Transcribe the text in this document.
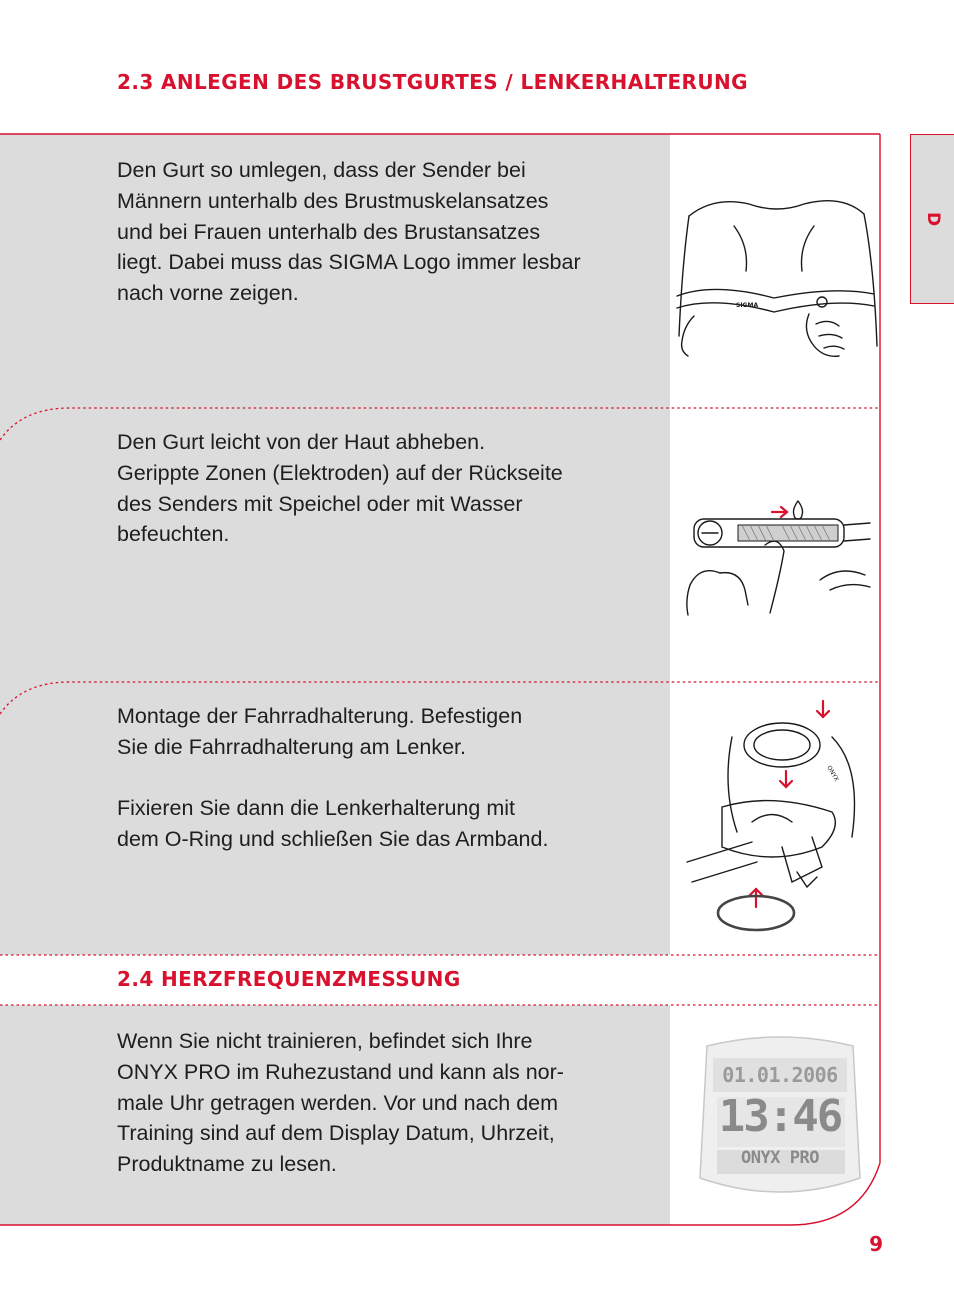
2.3 ANLEGEN DES BRUSTGURTES / LENKERHALTERUNG

Den Gurt so umlegen, dass der Sender bei
Männern unterhalb des Brustmuskelansatzes
und bei Frauen unterhalb des Brustansatzes
liegt. Dabei muss das SIGMA Logo immer lesbar
nach vorne zeigen.

Den Gurt leicht von der Haut abheben.
Gerippte Zonen (Elektroden) auf der Rückseite
des Senders mit Speichel oder mit Wasser
befeuchten.

Montage der Fahrradhalterung. Befestigen
Sie die Fahrradhalterung am Lenker.

Fixieren Sie dann die Lenkerhalterung mit
dem O-Ring und schließen Sie das Armband.

2.4 HERZFREQUENZMESSUNG

Wenn Sie nicht trainieren, befindet sich Ihre
ONYX PRO im Ruhezustand und kann als nor-
male Uhr getragen werden. Vor und nach dem
Training sind auf dem Display Datum, Uhrzeit,
Produktname zu lesen.

SIGMA
ONYX
01.01.2006
13:46
ONYX PRO
D
9
